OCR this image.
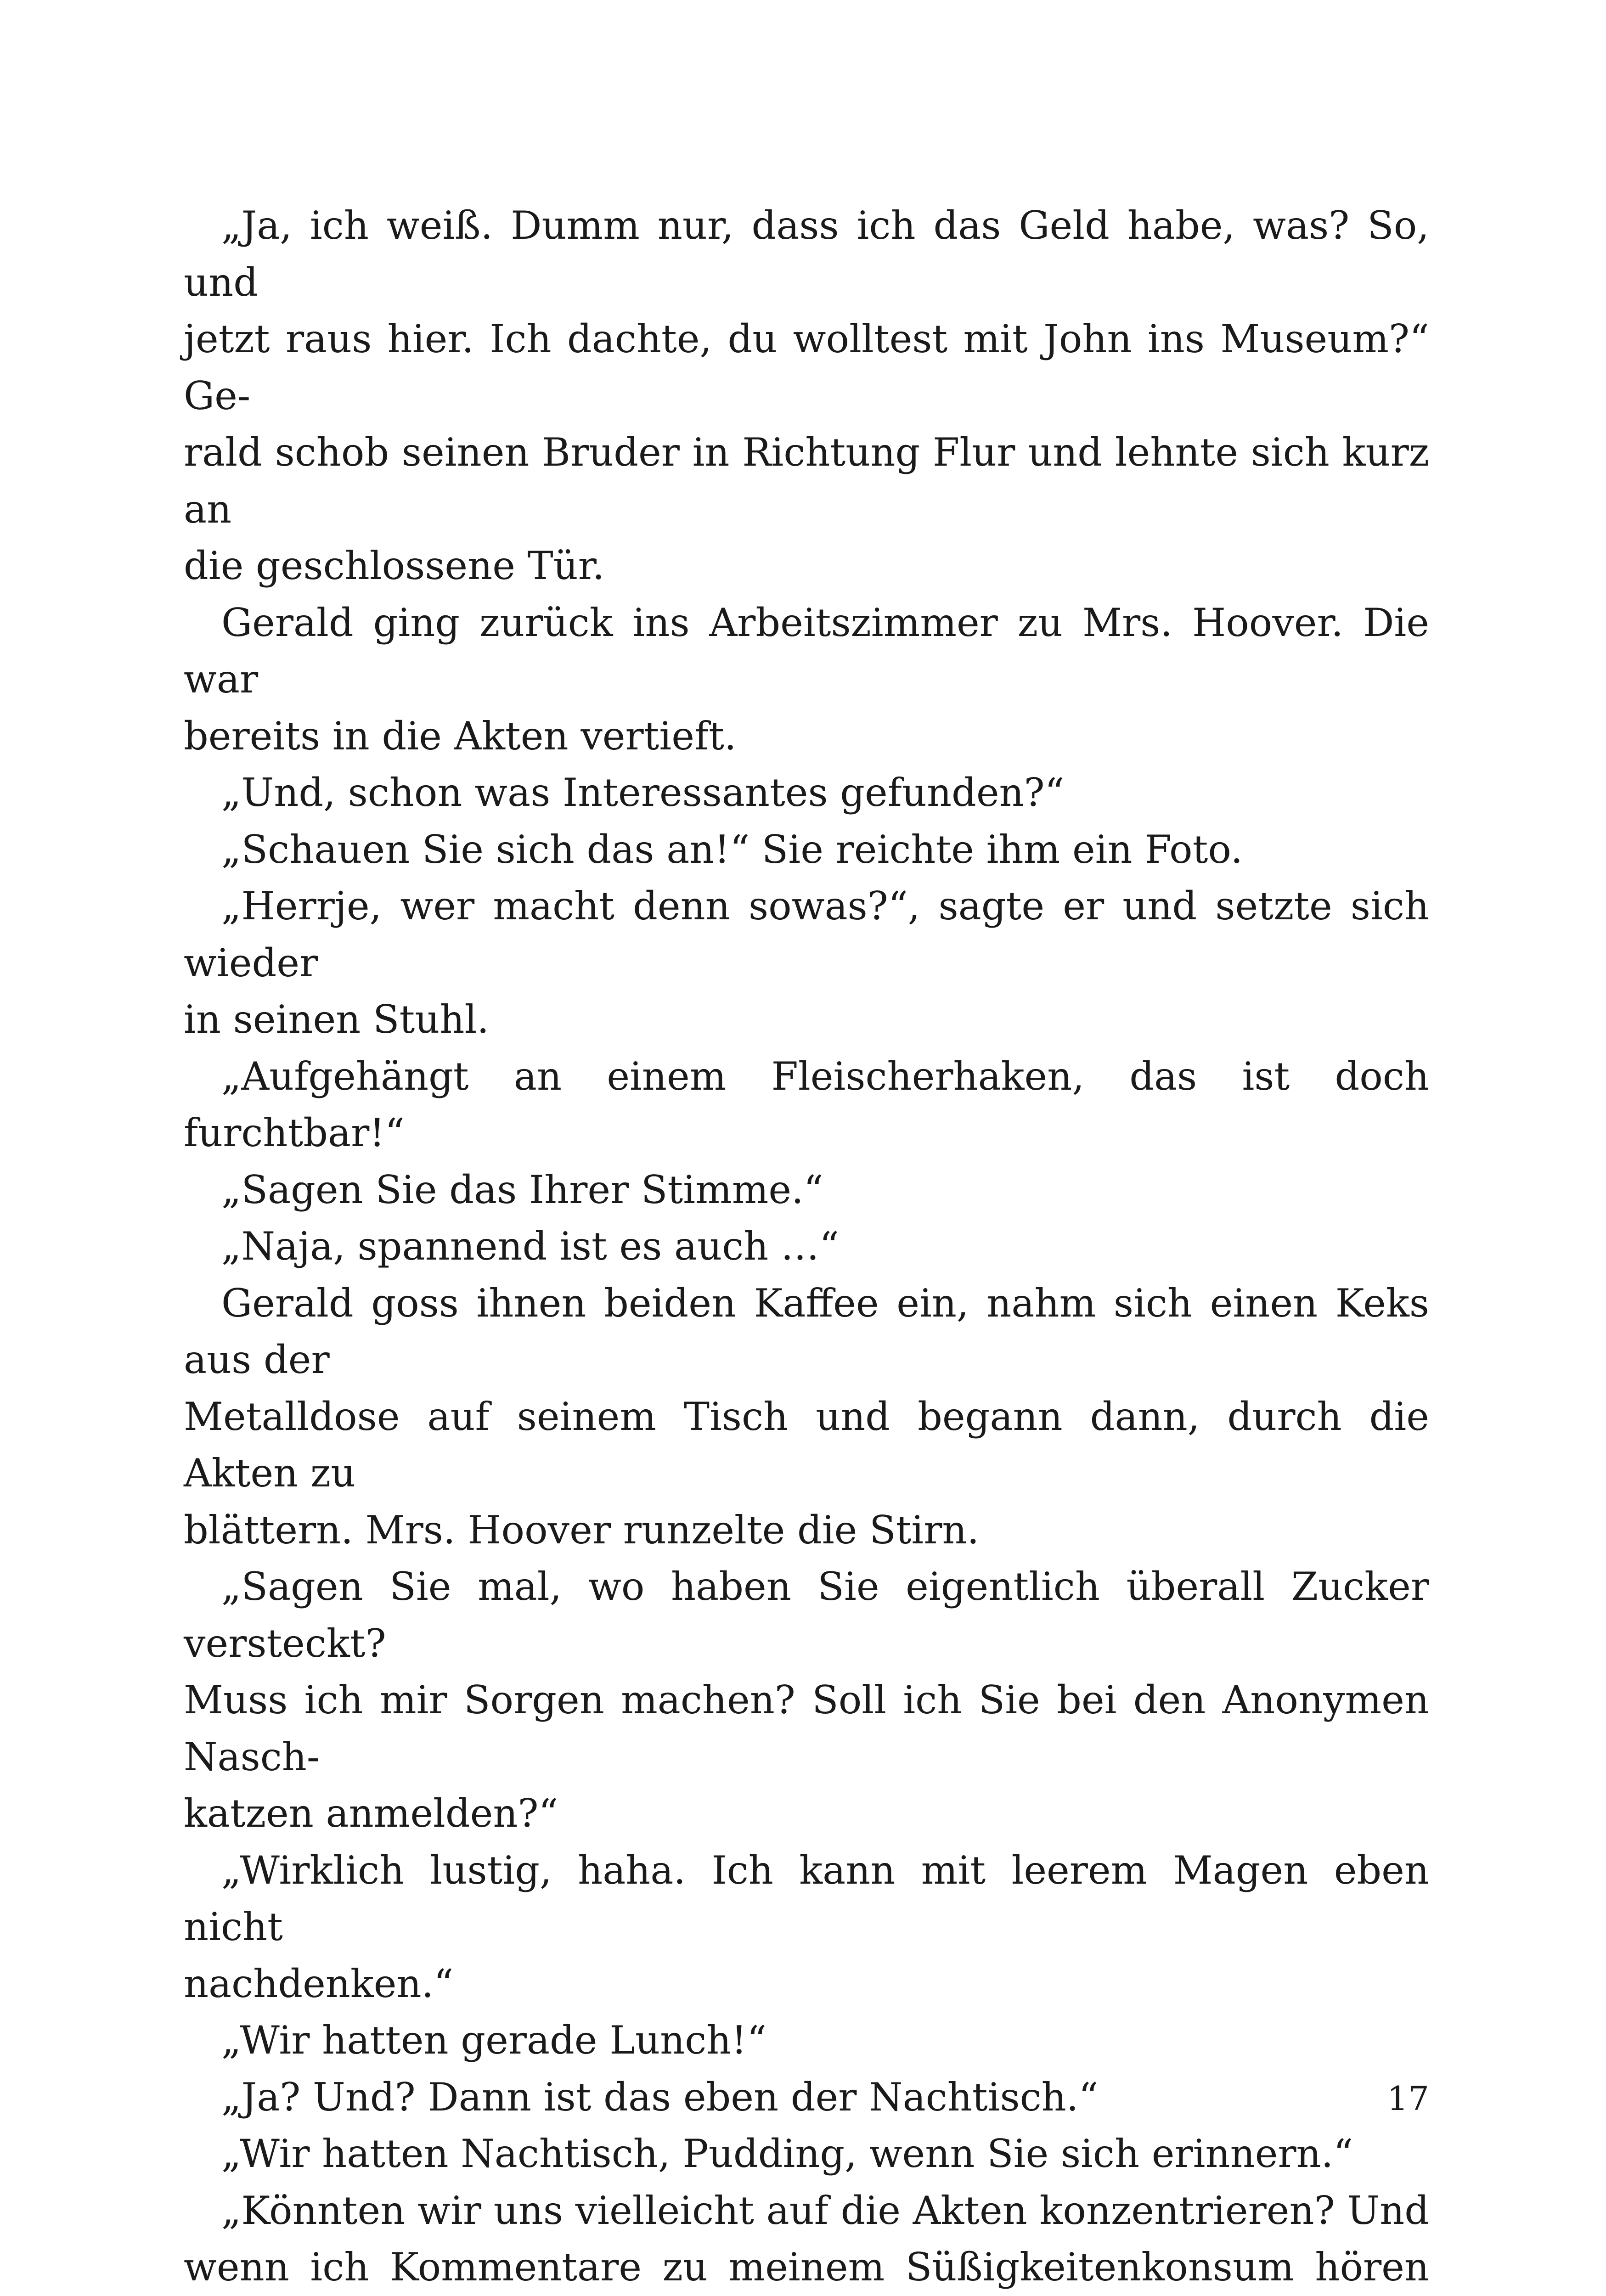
„Ja, ich weiß. Dumm nur, dass ich das Geld habe, was? So, und
jetzt raus hier. Ich dachte, du wolltest mit John ins Museum?“ Ge-
rald schob seinen Bruder in Richtung Flur und lehnte sich kurz an
die geschlossene Tür.

Gerald ging zurück ins Arbeitszimmer zu Mrs. Hoover. Die war
bereits in die Akten vertieft.

„Und, schon was Interessantes gefunden?“

„Schauen Sie sich das an!“ Sie reichte ihm ein Foto.

„Herrje, wer macht denn sowas?“, sagte er und setzte sich wieder
in seinen Stuhl.

„Aufgehängt an einem Fleischerhaken, das ist doch furchtbar!“

„Sagen Sie das Ihrer Stimme.“

„Naja, spannend ist es auch …“

Gerald goss ihnen beiden Kaffee ein, nahm sich einen Keks aus der
Metalldose auf seinem Tisch und begann dann, durch die Akten zu
blättern. Mrs. Hoover runzelte die Stirn.

„Sagen Sie mal, wo haben Sie eigentlich überall Zucker versteckt?
Muss ich mir Sorgen machen? Soll ich Sie bei den Anonymen Nasch-
katzen anmelden?“

„Wirklich lustig, haha. Ich kann mit leerem Magen eben nicht
nachdenken.“

„Wir hatten gerade Lunch!“

„Ja? Und? Dann ist das eben der Nachtisch.“

„Wir hatten Nachtisch, Pudding, wenn Sie sich erinnern.“

„Könnten wir uns vielleicht auf die Akten konzentrieren? Und
wenn ich Kommentare zu meinem Süßigkeitenkonsum hören

17
